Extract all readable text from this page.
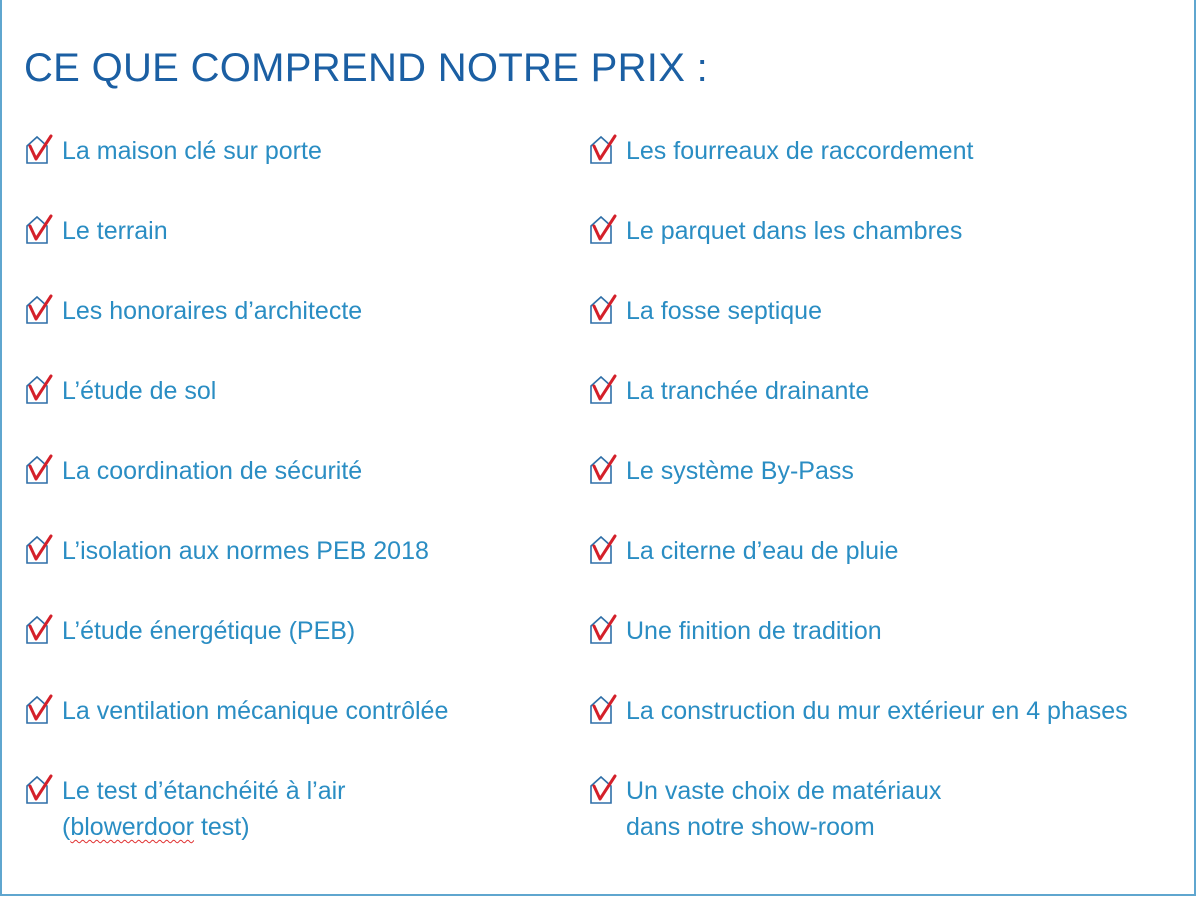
CE QUE COMPREND NOTRE PRIX :
La maison clé sur porte
Le terrain
Les honoraires d’architecte
L’étude de sol
La coordination de sécurité
L’isolation aux normes PEB 2018
L’étude énergétique (PEB)
La ventilation mécanique contrôlée
Le test d’étanchéité à l’air
(blowerdoor test)
Les fourreaux de raccordement
Le parquet dans les chambres
La fosse septique
La tranchée drainante
Le système By-Pass
La citerne d’eau de pluie
Une finition de tradition
La construction du mur extérieur en 4 phases
Un vaste choix de matériaux
dans notre show-room
